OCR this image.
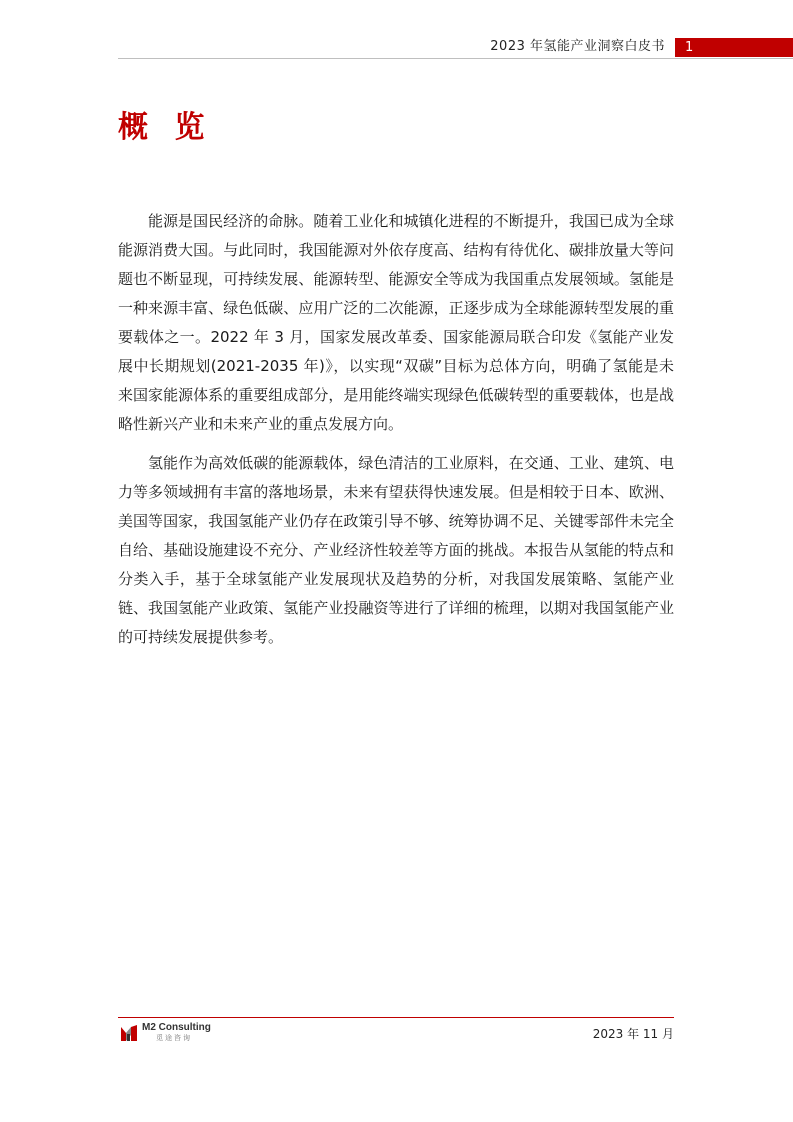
2023 年氢能产业洞察白皮书	1
概 览

能源是国民经济的命脉。随着工业化和城镇化进程的不断提升，我国已成为全球能源消费大国。与此同时，我国能源对外依存度高、结构有待优化、碳排放量大等问题也不断显现，可持续发展、能源转型、能源安全等成为我国重点发展领域。氢能是一种来源丰富、绿色低碳、应用广泛的二次能源，正逐步成为全球能源转型发展的重要载体之一。2022 年 3 月，国家发展改革委、国家能源局联合印发《氢能产业发展中长期规划(2021-2035 年)》，以实现“双碳”目标为总体方向，明确了氢能是未来国家能源体系的重要组成部分，是用能终端实现绿色低碳转型的重要载体，也是战略性新兴产业和未来产业的重点发展方向。

氢能作为高效低碳的能源载体，绿色清洁的工业原料，在交通、工业、建筑、电力等多领域拥有丰富的落地场景，未来有望获得快速发展。但是相较于日本、欧洲、美国等国家，我国氢能产业仍存在政策引导不够、统筹协调不足、关键零部件未完全自给、基础设施建设不充分、产业经济性较差等方面的挑战。本报告从氢能的特点和分类入手，基于全球氢能产业发展现状及趋势的分析，对我国发展策略、氢能产业链、我国氢能产业政策、氢能产业投融资等进行了详细的梳理，以期对我国氢能产业的可持续发展提供参考。

M2 Consulting
觅途咨询	2023 年 11 月
